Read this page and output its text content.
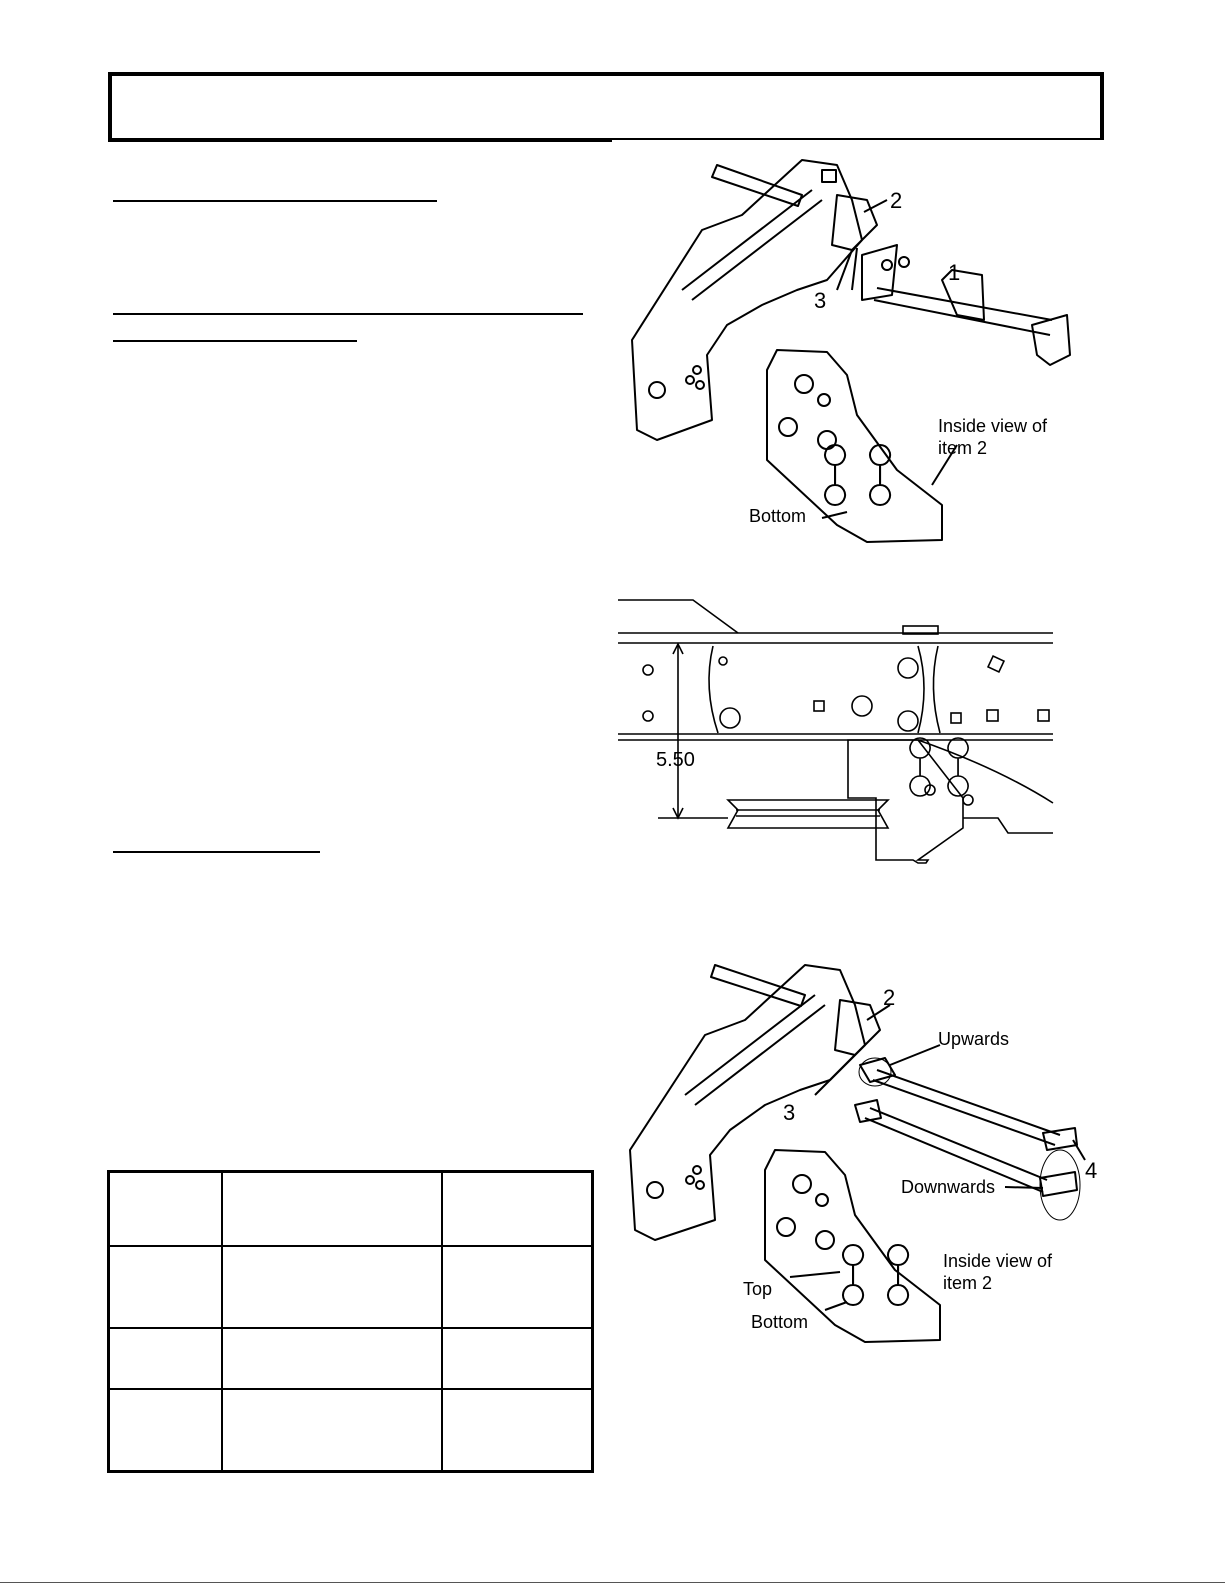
2
3
1
Inside view of
item 2
Bottom
5.50
2
3
4
Upwards
Downwards
Inside view of
item 2
Top
Bottom
